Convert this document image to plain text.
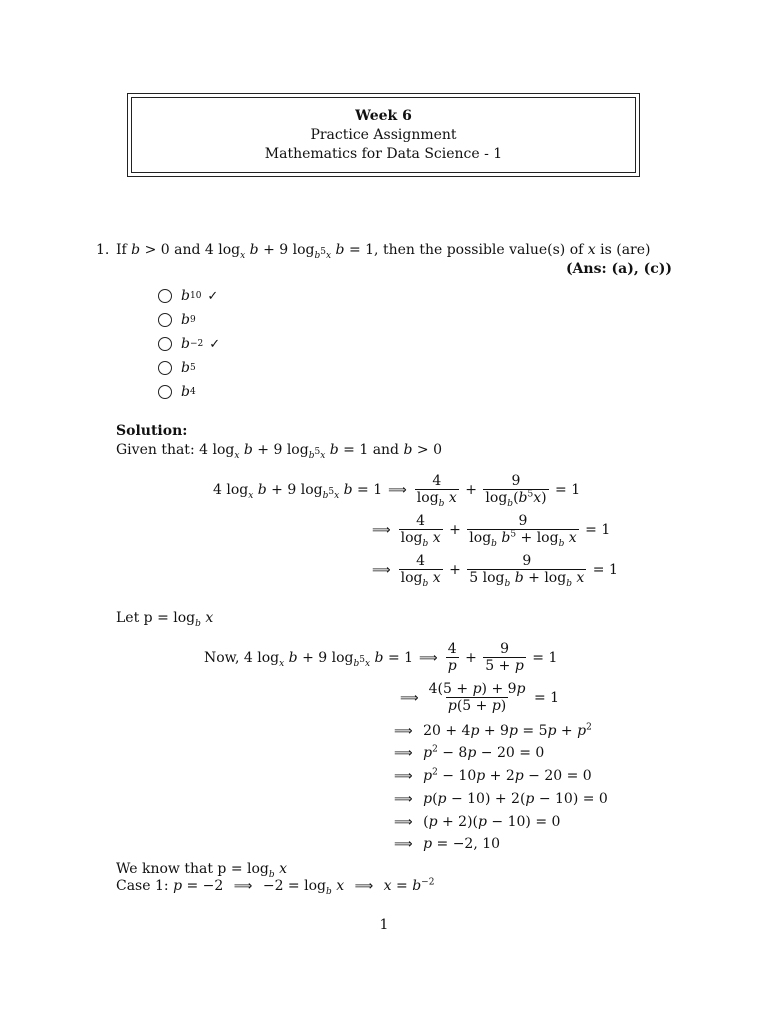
Week 6
Practice Assignment
Mathematics for Data Science - 1
1. If b > 0 and 4 $\log_x b + 9$ $\log_{b^5x} b = 1$, then the possible value(s) of x is (are)
(Ans: (a), (c))
b 10 ✓
b 9
b −2 ✓
b 5
b 4
Solution:
Given that: 4 $\log_x b + 9$ $\log_{b^5x} b = 1$ and b > 0
4 $\log_x b + 9$ $\log_{b^5x} b = 1$ ⟹ $\frac{4}{\log_b x} + \frac{9}{\log_b(b^5x)} = 1$
⟹ $\frac{4}{\log_b x} + \frac{9}{\log_b b^5 + \log_b x} = 1$
⟹ $\frac{4}{\log_b x} + \frac{9}{5 \log_b b + \log_b x} = 1$
Let $p = \log_b x$
Now, 4 $\log_x b + 9$ $\log_{b^5x} b = 1$ ⟹ $\frac{4}{p} + \frac{9}{5 + p} = 1$
⟹ $\frac{4(5 + p) + 9p}{p(5 + p)} = 1$
⟹ $20 + 4p + 9p = 5p + p^2$
⟹ $p^2 - 8p - 20 = 0$
⟹ $p^2 - 10p + 2p - 20 = 0$
⟹ p(p − 10) + 2(p − 10) = 0
⟹ (p + 2)(p − 10) = 0
⟹ p = −2, 10
We know that $p = \log_b x$
Case 1: p = −2 ⟹ $-2 = \log_b x$ ⟹ $x = b^{-2}$
1
